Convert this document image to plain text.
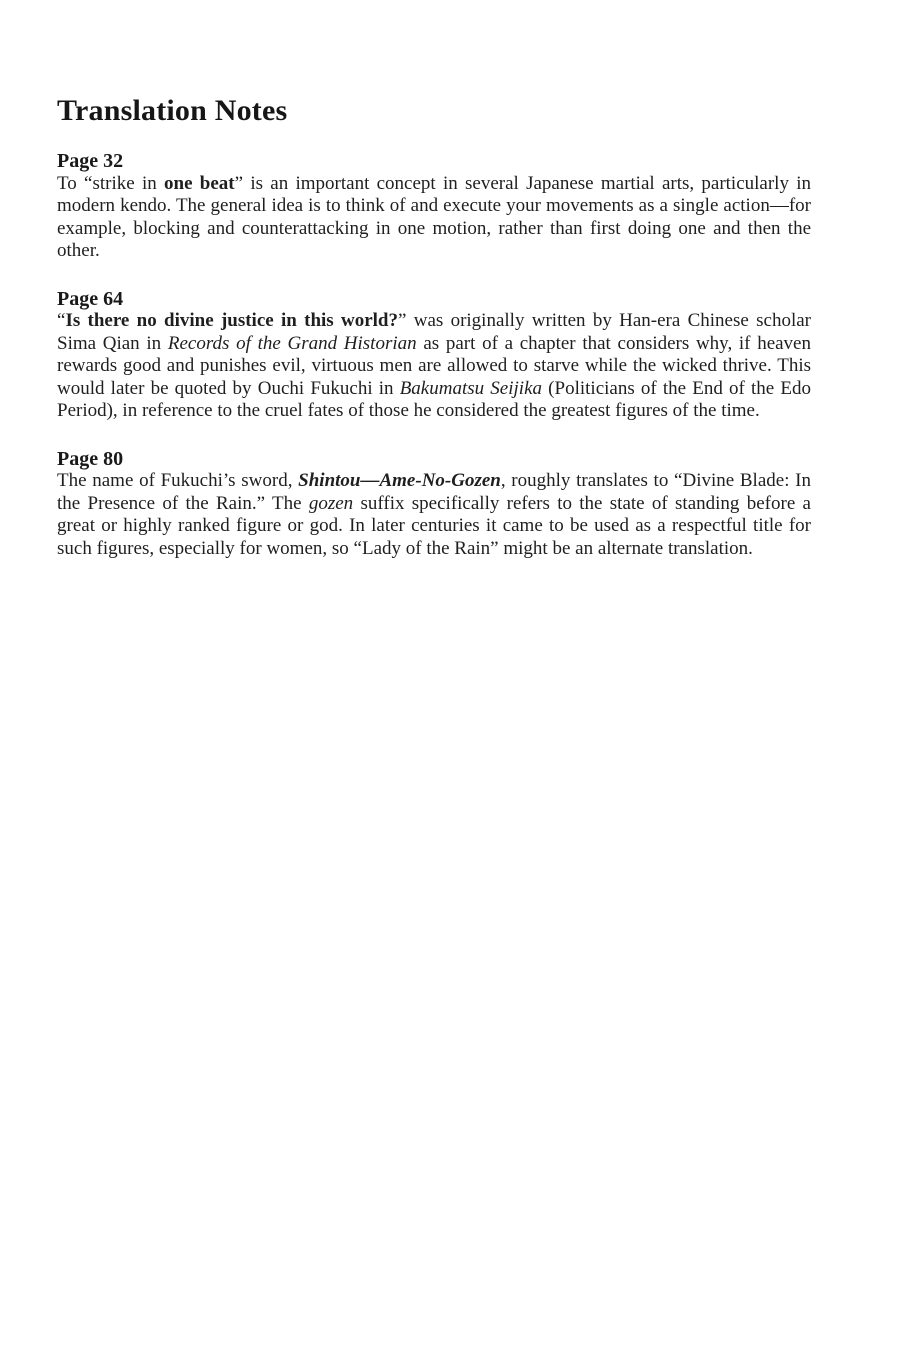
Translation Notes
Page 32

To “strike in one beat” is an important concept in several Japanese martial arts, particularly in modern kendo. The general idea is to think of and execute your movements as a single action—for example, blocking and counterattacking in one motion, rather than first doing one and then the other.

Page 64

“Is there no divine justice in this world?” was originally written by Han-era Chinese scholar Sima Qian in Records of the Grand Historian as part of a chapter that considers why, if heaven rewards good and punishes evil, virtuous men are allowed to starve while the wicked thrive. This would later be quoted by Ouchi Fukuchi in Bakumatsu Seijika (Politicians of the End of the Edo Period), in reference to the cruel fates of those he considered the greatest figures of the time.

Page 80

The name of Fukuchi’s sword, Shintou—Ame-No-Gozen, roughly translates to “Divine Blade: In the Presence of the Rain.” The gozen suffix specifically refers to the state of standing before a great or highly ranked figure or god. In later centuries it came to be used as a respectful title for such figures, especially for women, so “Lady of the Rain” might be an alternate translation.
